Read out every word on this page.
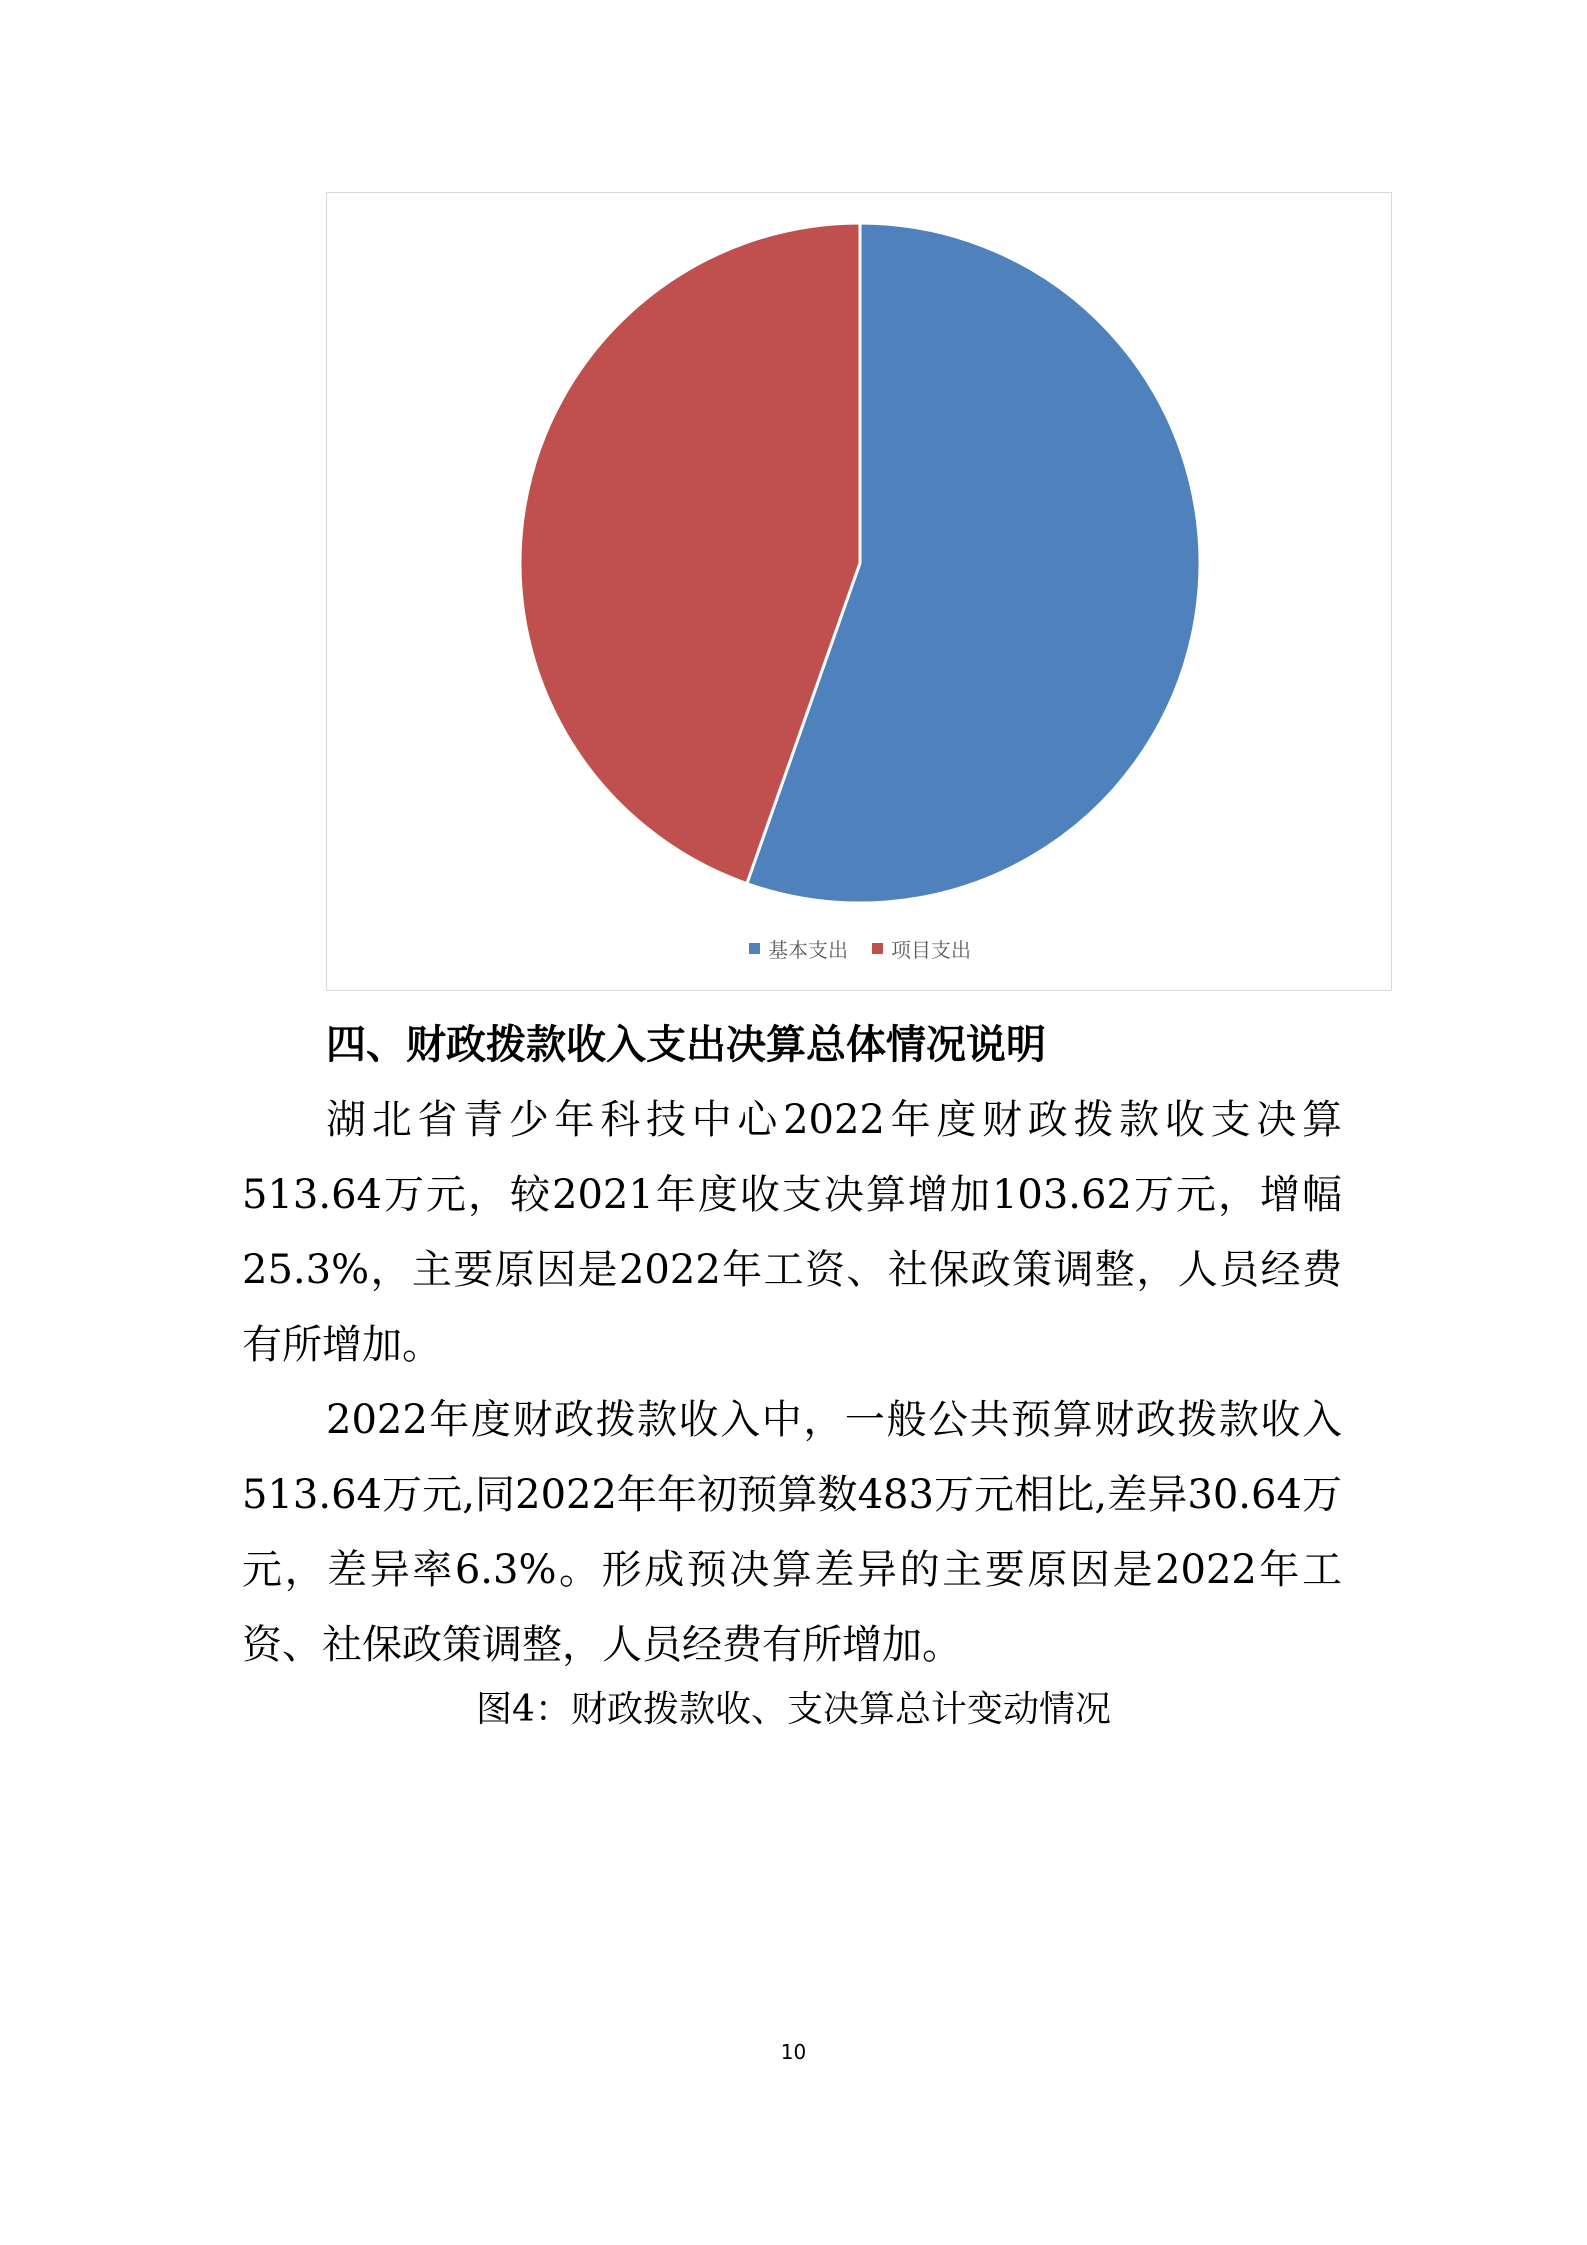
基本支出 项目支出
四、财政拨款收入支出决算总体情况说明

湖北省青少年科技中心2022年度财政拨款收支决算513.64万元，较2021年度收支决算增加103.62万元，增幅25.3%，主要原因是2022年工资、社保政策调整，人员经费有所增加。

2022年度财政拨款收入中，一般公共预算财政拨款收入513.64万元,同2022年年初预算数483万元相比,差异30.64万元，差异率6.3%。形成预决算差异的主要原因是2022年工资、社保政策调整，人员经费有所增加。

图4：财政拨款收、支决算总计变动情况
10
